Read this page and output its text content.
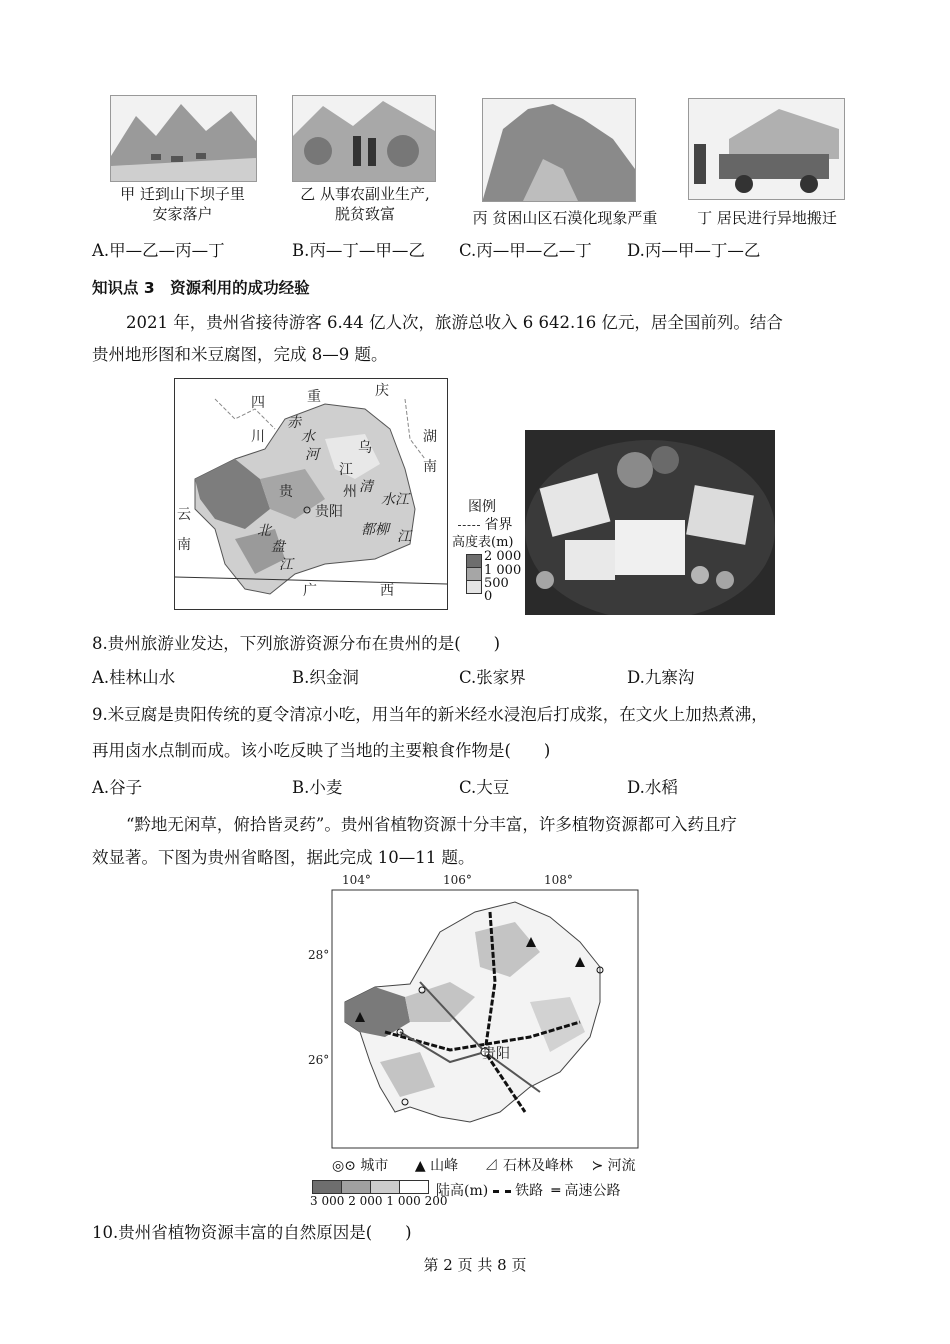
甲 迁到山下坝子里
安家落户
乙 从事农副业生产,
脱贫致富	丙 贫困山区石漠化现象严重	丁 居民进行异地搬迁
A.甲—乙—丙—丁	B.丙—丁—甲—乙 C.丙—甲—乙—丁 D.丙—甲—丁—乙
知识点 3　资源利用的成功经验
2021 年，贵州省接待游客 6.44 亿人次，旅游总收入 6 642.16 亿元，居全国前列。结合
贵州地形图和米豆腐图，完成 8—9 题。
重	庆
四
川	湖
南
云
南
广	西
乌
江
赤
水
河
贵	州
贵阳
清
水江
都柳 江
北
盘
江
图例
省界
高度表(m)
2 000
1 000
500
0
8.贵州旅游业发达，下列旅游资源分布在贵州的是(　　)
A.桂林山水	B.织金洞	C.张家界	D.九寨沟
9.米豆腐是贵阳传统的夏令清凉小吃，用当年的新米经水浸泡后打成浆，在文火上加热煮沸，
再用卤水点制而成。该小吃反映了当地的主要粮食作物是(　　)
A.谷子	B.小麦	C.大豆	D.水稻
“黔地无闲草，俯拾皆灵药”。贵州省植物资源十分丰富，许多植物资源都可入药且疗
效显著。下图为贵州省略图，据此完成 10—11 题。
104°	106°	108°
28°
26°	贵阳
◎⊙ 城市 ▲ 山峰 ⊿ 石林及峰林 ≻ 河流
3 000 2 000 1 000 200
陆高(m) 铁路 ═ 高速公路
10.贵州省植物资源丰富的自然原因是(　　)
第 2 页 共 8 页
